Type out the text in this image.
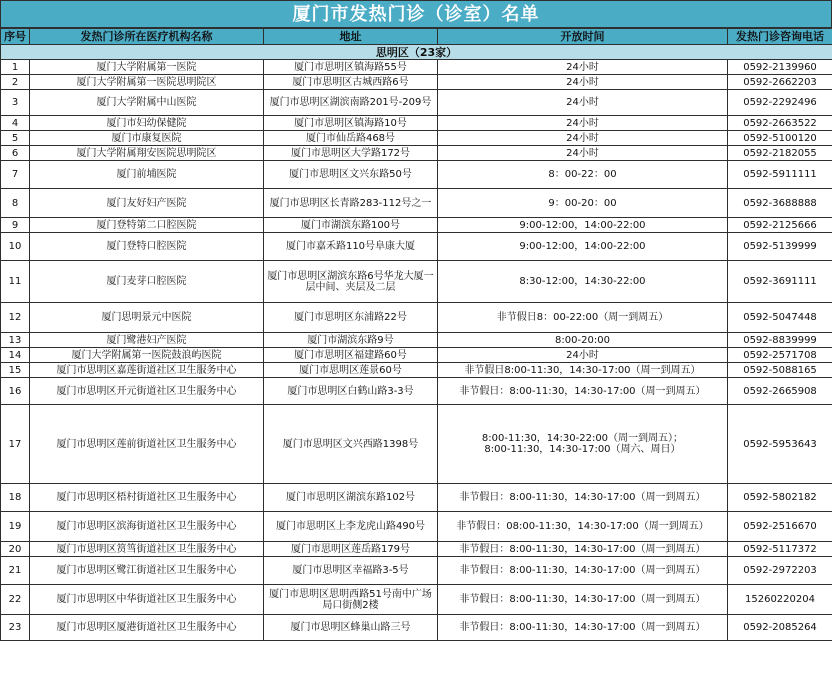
厦门市发热门诊（诊室）名单
序号	发热门诊所在医疗机构名称	地址	开放时间	发热门诊咨询电话
思明区（23家）				
1	厦门大学附属第一医院	厦门市思明区镇海路55号	24小时	0592-2139960
2	厦门大学附属第一医院思明院区	厦门市思明区古城西路6号	24小时	0592-2662203
3	厦门大学附属中山医院	厦门市思明区湖滨南路201号-209号	24小时	0592-2292496
4	厦门市妇幼保健院	厦门市思明区镇海路10号	24小时	0592-2663522
5	厦门市康复医院	厦门市仙岳路468号	24小时	0592-5100120
6	厦门大学附属翔安医院思明院区	厦门市思明区大学路172号	24小时	0592-2182055
7	厦门前埔医院	厦门市思明区文兴东路50号	8：00-22：00	0592-5911111
8	厦门友好妇产医院	厦门市思明区长青路283-112号之一	9：00-20：00	0592-3688888
9	厦门登特第二口腔医院	厦门市湖滨东路100号	9:00-12:00，14:00-22:00	0592-2125666
10	厦门登特口腔医院	厦门市嘉禾路110号阜康大厦	9:00-12:00，14:00-22:00	0592-5139999
11	厦门麦芽口腔医院	厦门市思明区湖滨东路6号华龙大厦一层中间、夹层及二层	8:30-12:00，14:30-22:00	0592-3691111
12	厦门思明景元中医院	厦门市思明区东浦路22号	非节假日8：00-22:00（周一到周五）	0592-5047448
13	厦门鹭港妇产医院	厦门市湖滨东路9号	8:00-20:00	0592-8839999
14	厦门大学附属第一医院鼓浪屿医院	厦门市思明区福建路60号	24小时	0592-2571708
15	厦门市思明区嘉莲街道社区卫生服务中心	厦门市思明区莲景60号	非节假日8:00-11:30，14:30-17:00（周一到周五）	0592-5088165
16	厦门市思明区开元街道社区卫生服务中心	厦门市思明区白鹤山路3-3号	非节假日：8:00-11:30，14:30-17:00（周一到周五）	0592-2665908
17	厦门市思明区莲前街道社区卫生服务中心	厦门市思明区文兴西路1398号	8:00-11:30，14:30-22:00（周一到周五）；
8:00-11:30，14:30-17:00（周六、周日）	0592-5953643
18	厦门市思明区梧村街道社区卫生服务中心	厦门市思明区湖滨东路102号	非节假日：8:00-11:30，14:30-17:00（周一到周五）	0592-5802182
19	厦门市思明区滨海街道社区卫生服务中心	厦门市思明区上李龙虎山路490号	非节假日：08:00-11:30，14:30-17:00（周一到周五）	0592-2516670
20	厦门市思明区筼筜街道社区卫生服务中心	厦门市思明区莲岳路179号	非节假日：8:00-11:30，14:30-17:00（周一到周五）	0592-5117372
21	厦门市思明区鹭江街道社区卫生服务中心	厦门市思明区幸福路3-5号	非节假日：8:00-11:30，14:30-17:00（周一到周五）	0592-2972203
22	厦门市思明区中华街道社区卫生服务中心	厦门市思明区思明西路51号南中广场局口街侧2楼	非节假日：8:00-11:30，14:30-17:00（周一到周五）	15260220204
23	厦门市思明区厦港街道社区卫生服务中心	厦门市思明区蜂巢山路三号	非节假日：8:00-11:30，14:30-17:00（周一到周五）	0592-2085264
